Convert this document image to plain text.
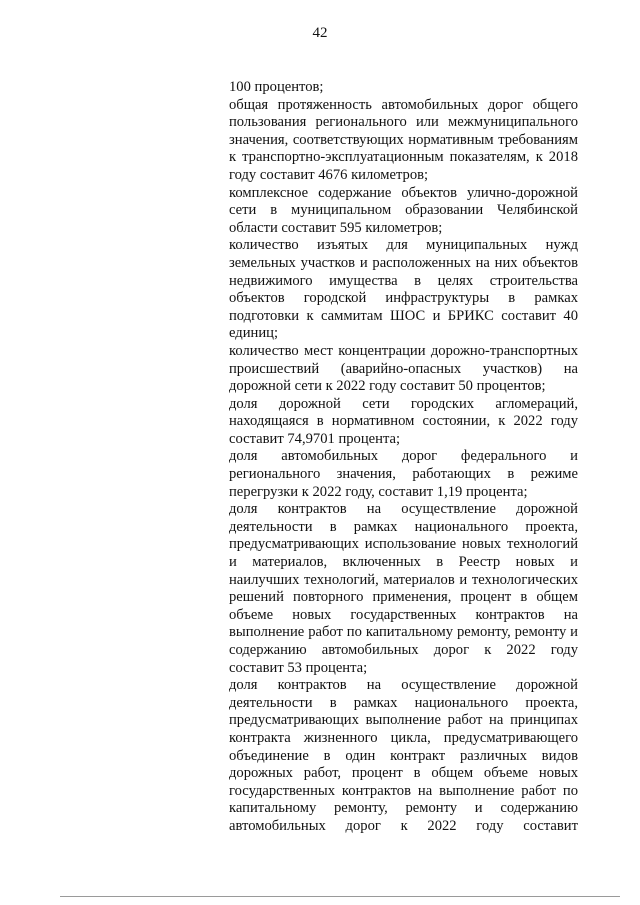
42

100 процентов;

общая протяженность автомобильных дорог общего пользования регионального или межмуниципального значения, соответствующих нормативным требованиям к транспортно-эксплуатационным показателям, к 2018 году составит 4676 километров;

комплексное содержание объектов улично-дорожной сети в муниципальном образовании Челябинской области составит 595 километров;

количество изъятых для муниципальных нужд земельных участков и расположенных на них объектов недвижимого имущества в целях строительства объектов городской инфраструктуры в рамках подготовки к саммитам ШОС и БРИКС составит 40 единиц;

количество мест концентрации дорожно-транспортных происшествий (аварийно-опасных участков) на дорожной сети к 2022 году составит 50 процентов;

доля дорожной сети городских агломераций, находящаяся в нормативном состоянии, к 2022 году составит 74,9701 процента;

доля автомобильных дорог федерального и регионального значения, работающих в режиме перегрузки к 2022 году, составит 1,19 процента;

доля контрактов на осуществление дорожной деятельности в рамках национального проекта, предусматривающих использование новых технологий и материалов, включенных в Реестр новых и наилучших технологий, материалов и технологических решений повторного применения, процент в общем объеме новых государственных контрактов на выполнение работ по капитальному ремонту, ремонту и содержанию автомобильных дорог к 2022 году составит 53 процента;

доля контрактов на осуществление дорожной деятельности в рамках национального проекта, предусматривающих выполнение работ на принципах контракта жизненного цикла, предусматривающего объединение в один контракт различных видов дорожных работ, процент в общем объеме новых государственных контрактов на выполнение работ по капитальному ремонту, ремонту и содержанию автомобильных дорог к 2022 году составит
